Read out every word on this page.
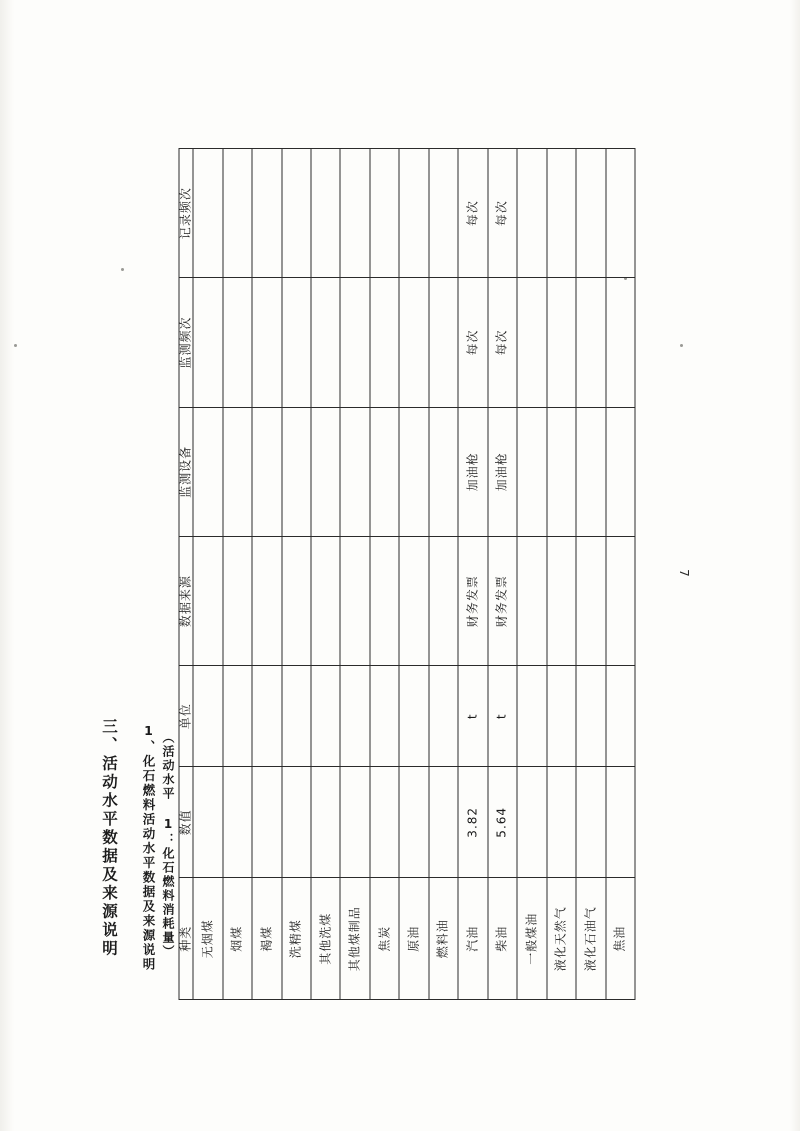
三、活动水平数据及来源说明 1、化石燃料活动水平数据及来源说明 （活动水平 1：化石燃料消耗量）
7
种类	数值	单位	数据来源	监测设备	监测频次	记录频次
无烟煤						
烟煤						
褐煤						
洗精煤						
其他洗煤						
其他煤制品						
焦炭						
原油						
燃料油						
汽油	3.82	t	财务发票	加油枪	每次	每次
柴油	5.64	t	财务发票	加油枪	每次	每次
一般煤油						
液化天然气						
液化石油气						
焦油						
